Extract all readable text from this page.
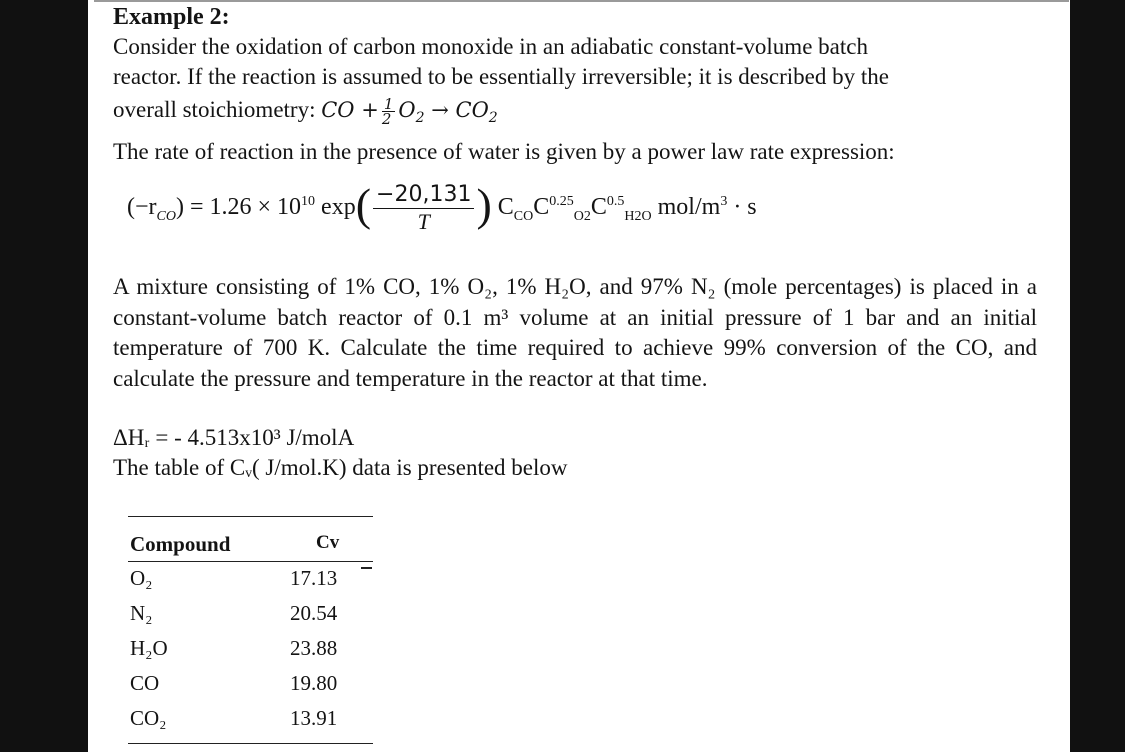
Example 2:
Consider the oxidation of carbon monoxide in an adiabatic constant-volume batch
reactor. If the reaction is assumed to be essentially irreversible; it is described by the
overall stoichiometry: CO + $\frac{1}{2} O_2 \to CO_2$
The rate of reaction in the presence of water is given by a power law rate expression:
$(-r_{CO}) = 1.26 \times 10^{10}$ $\exp( \frac{-20,131}{T}$ ) $C_{CO}C^{0.25}_{O2}C^{0.5}_{H2O}$ mol/$m^3 \cdot s$
A mixture consisting of 1% CO, 1% O₂, 1% H₂O, and 97% N₂ (mole percentages) is placed in a constant-volume batch reactor of 0.1 m³ volume at an initial pressure of 1 bar and an initial temperature of 700 K. Calculate the time required to achieve 99% conversion of the CO, and calculate the pressure and temperature in the reactor at that time.
ΔHᵣ = - 4.513x10³ J/molA
The table of Cᵥ( J/mol.K) data is presented below
Compound	Cv
O₂	17.13
N₂	20.54
H₂O	23.88
CO	19.80
CO₂	13.91
